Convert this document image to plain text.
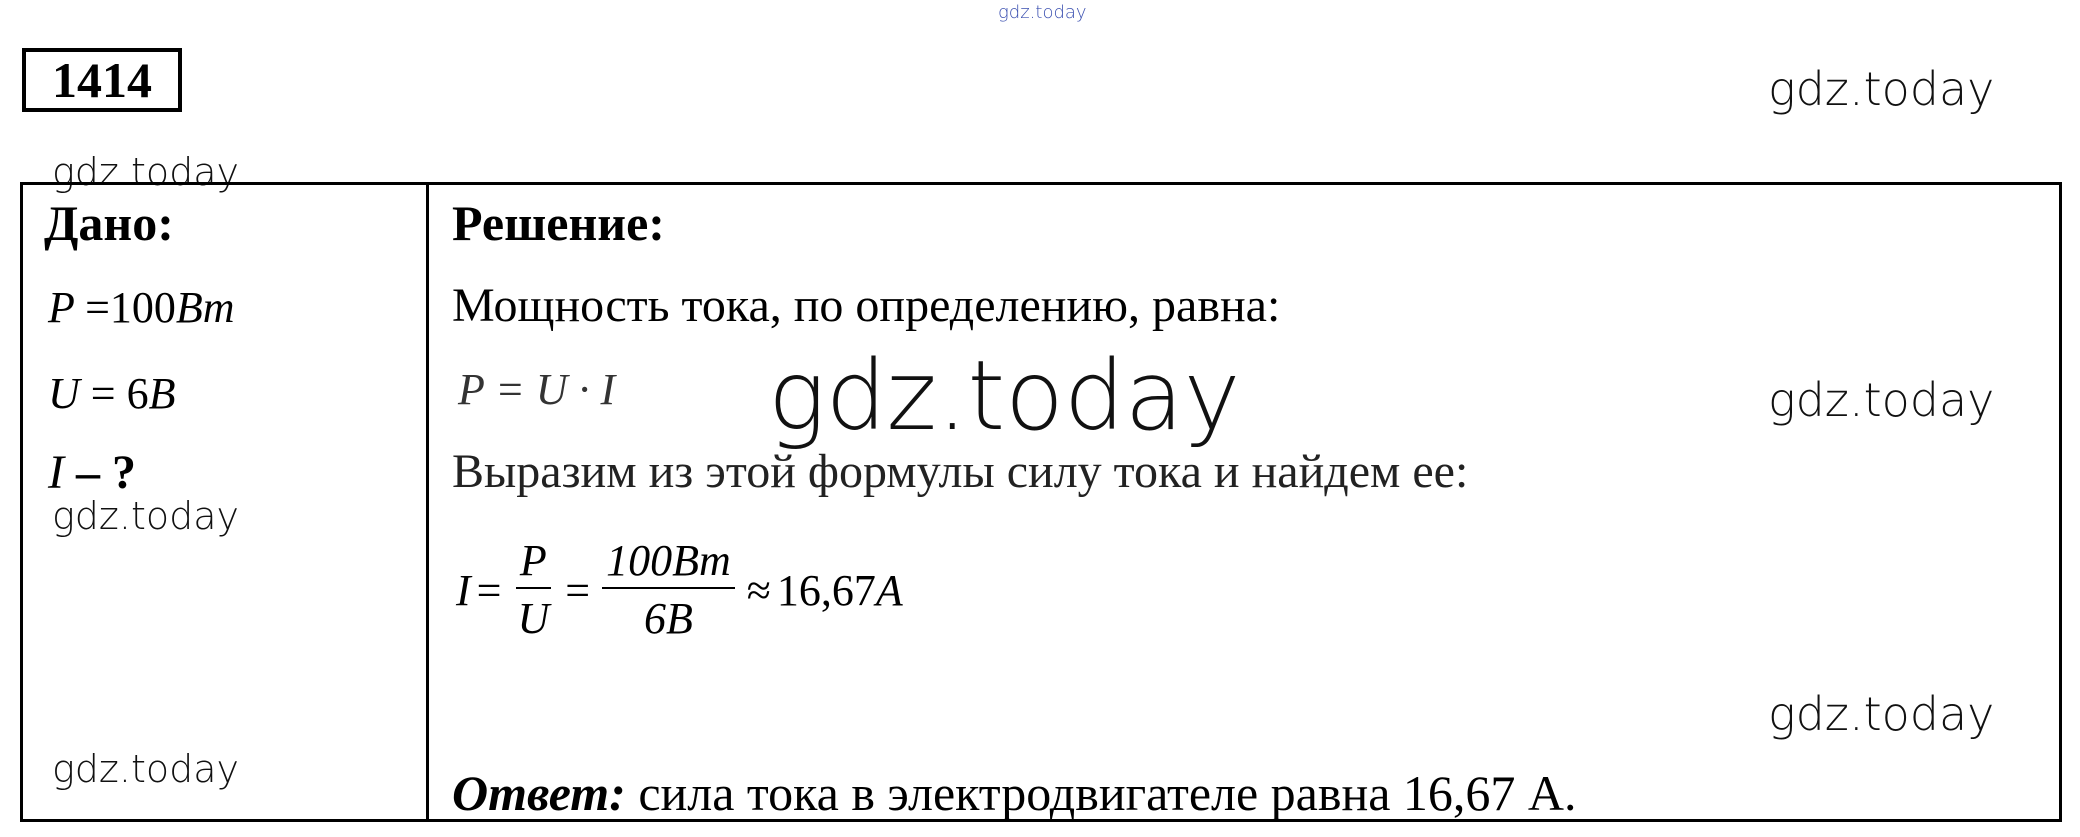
gdz.today
gdz.today
gdz.today
gdz.today
gdz.today
gdz.today
gdz.today
1414
Дано:
P =100Bm
U = 6B
I – ?
Решение:
Мощность тока, по определению, равна:
P = U · I
Выразим из этой формулы силу тока и найдем ее:
$I = \frac{P}{U} = \frac{100Bm}{6B} \approx 16,67$ A
Ответ: сила тока в электродвигателе равна 16,67 А.
gdz.today
